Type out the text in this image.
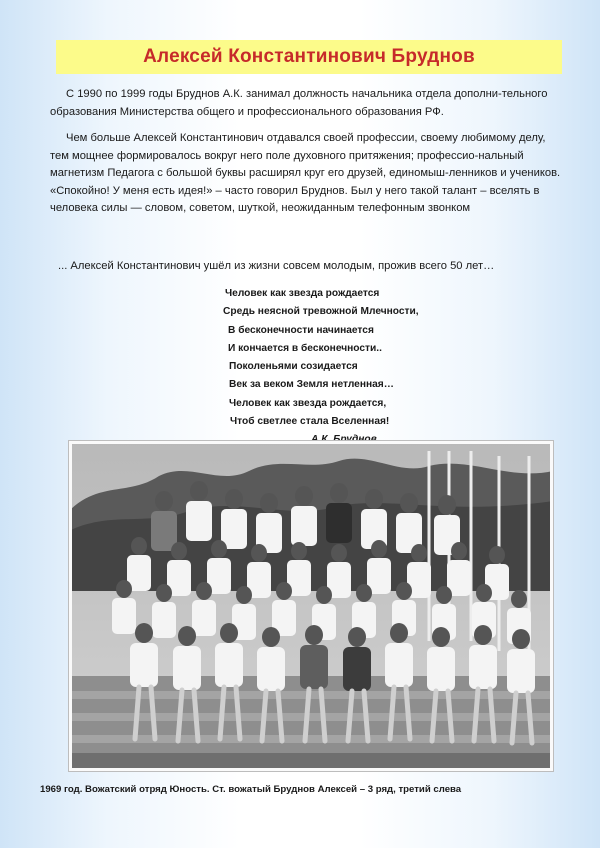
Алексей Константинович Бруднов

С 1990 по 1999 годы Бруднов А.К. занимал должность начальника отдела дополни-тельного образования Министерства общего и профессионального образования РФ.

Чем больше Алексей Константинович отдавался своей профессии, своему любимому делу, тем мощнее формировалось вокруг него поле духовного притяжения; профессио-нальный магнетизм Педагога с большой буквы расширял круг его друзей, единомыш-ленников и учеников. «Спокойно! У меня есть идея!» – часто говорил Бруднов. Был у него такой талант – вселять в человека силы — словом, советом, шуткой, неожиданным телефонным звонком

... Алексей Константинович ушёл из жизни совсем молодым, прожив всего 50 лет…

Человек как звезда рождается
Средь неясной тревожной Млечности,
В бесконечности начинается
И кончается в бесконечности..
Поколеньями созидается
Век за веком Земля нетленная…
Человек как звезда рождается,
Чтоб светлее стала Вселенная!
1969 год. Вожатский отряд Юность. Ст. вожатый Бруднов Алексей – 3 ряд, третий слева
